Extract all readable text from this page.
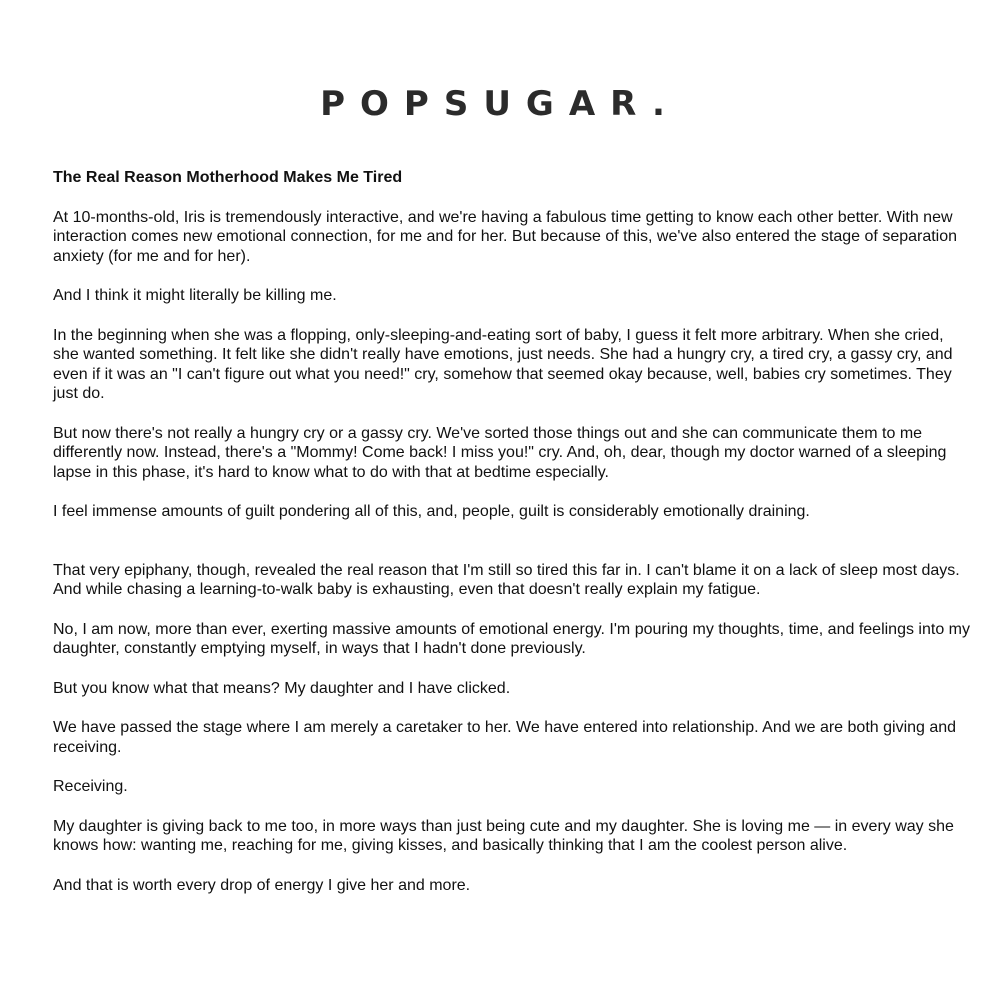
POPSUGAR.

The Real Reason Motherhood Makes Me Tired

At 10-months-old, Iris is tremendously interactive, and we're having a fabulous time getting to know each other better. With new interaction comes new emotional connection, for me and for her. But because of this, we've also entered the stage of separation anxiety (for me and for her).

And I think it might literally be killing me.

In the beginning when she was a flopping, only-sleeping-and-eating sort of baby, I guess it felt more arbitrary. When she cried, she wanted something. It felt like she didn't really have emotions, just needs. She had a hungry cry, a tired cry, a gassy cry, and even if it was an "I can't figure out what you need!" cry, somehow that seemed okay because, well, babies cry sometimes. They just do.

But now there's not really a hungry cry or a gassy cry. We've sorted those things out and she can communicate them to me differently now. Instead, there's a "Mommy! Come back! I miss you!" cry. And, oh, dear, though my doctor warned of a sleeping lapse in this phase, it's hard to know what to do with that at bedtime especially.

I feel immense amounts of guilt pondering all of this, and, people, guilt is considerably emotionally draining.

That very epiphany, though, revealed the real reason that I'm still so tired this far in. I can't blame it on a lack of sleep most days. And while chasing a learning-to-walk baby is exhausting, even that doesn't really explain my fatigue.

No, I am now, more than ever, exerting massive amounts of emotional energy. I'm pouring my thoughts, time, and feelings into my daughter, constantly emptying myself, in ways that I hadn't done previously.

But you know what that means? My daughter and I have clicked.

We have passed the stage where I am merely a caretaker to her. We have entered into relationship. And we are both giving and receiving.

Receiving.

My daughter is giving back to me too, in more ways than just being cute and my daughter. She is loving me — in every way she knows how: wanting me, reaching for me, giving kisses, and basically thinking that I am the coolest person alive.

And that is worth every drop of energy I give her and more.
